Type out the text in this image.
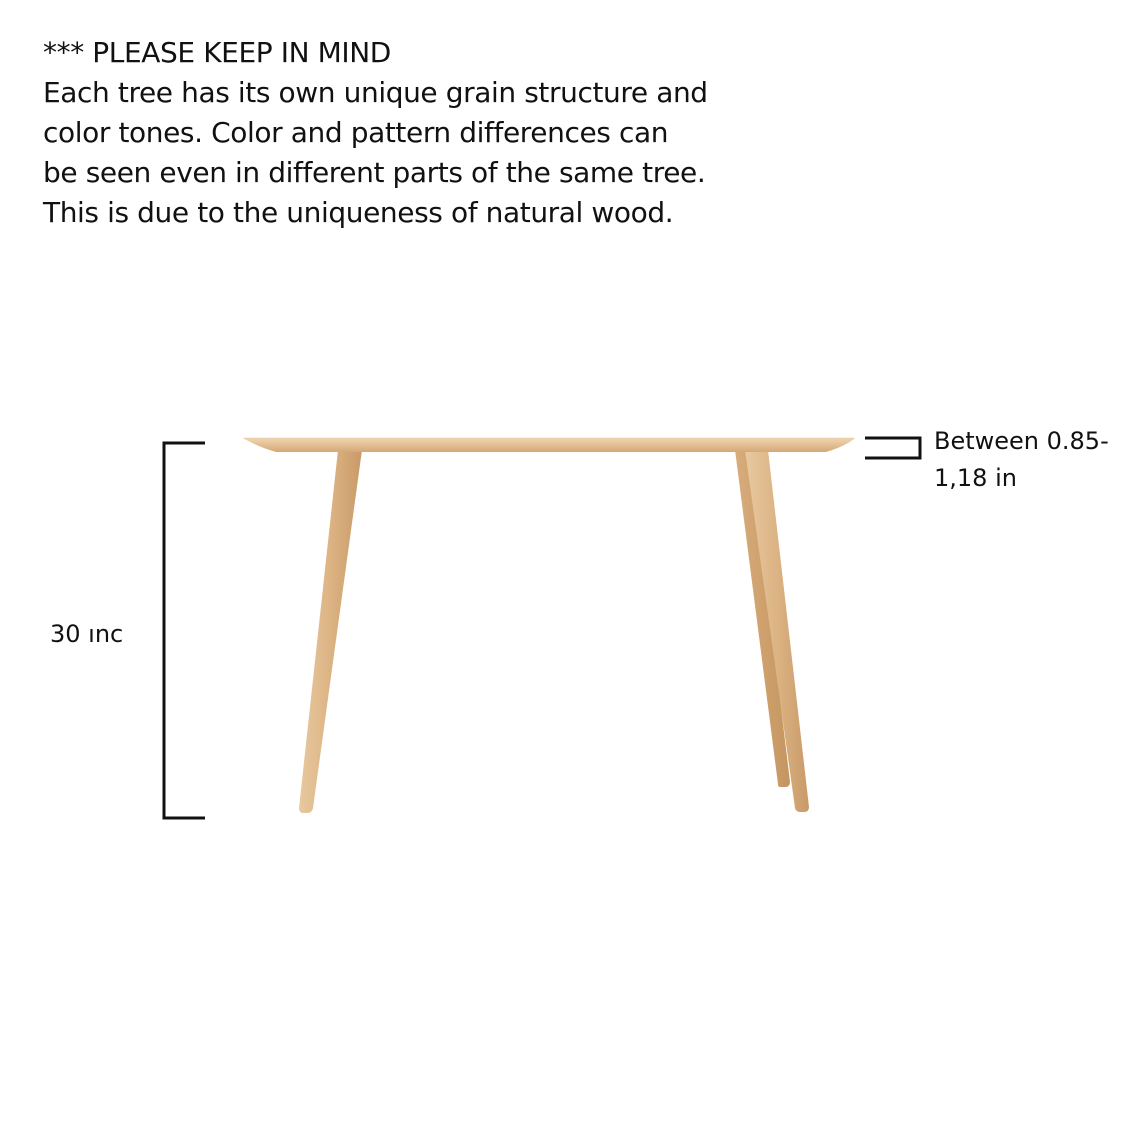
*** PLEASE KEEP IN MIND
Each tree has its own unique grain structure and
color tones. Color and pattern differences can
be seen even in different parts of the same tree.
This is due to the uniqueness of natural wood.
30 ınc
Between 0.85-
1,18 in
